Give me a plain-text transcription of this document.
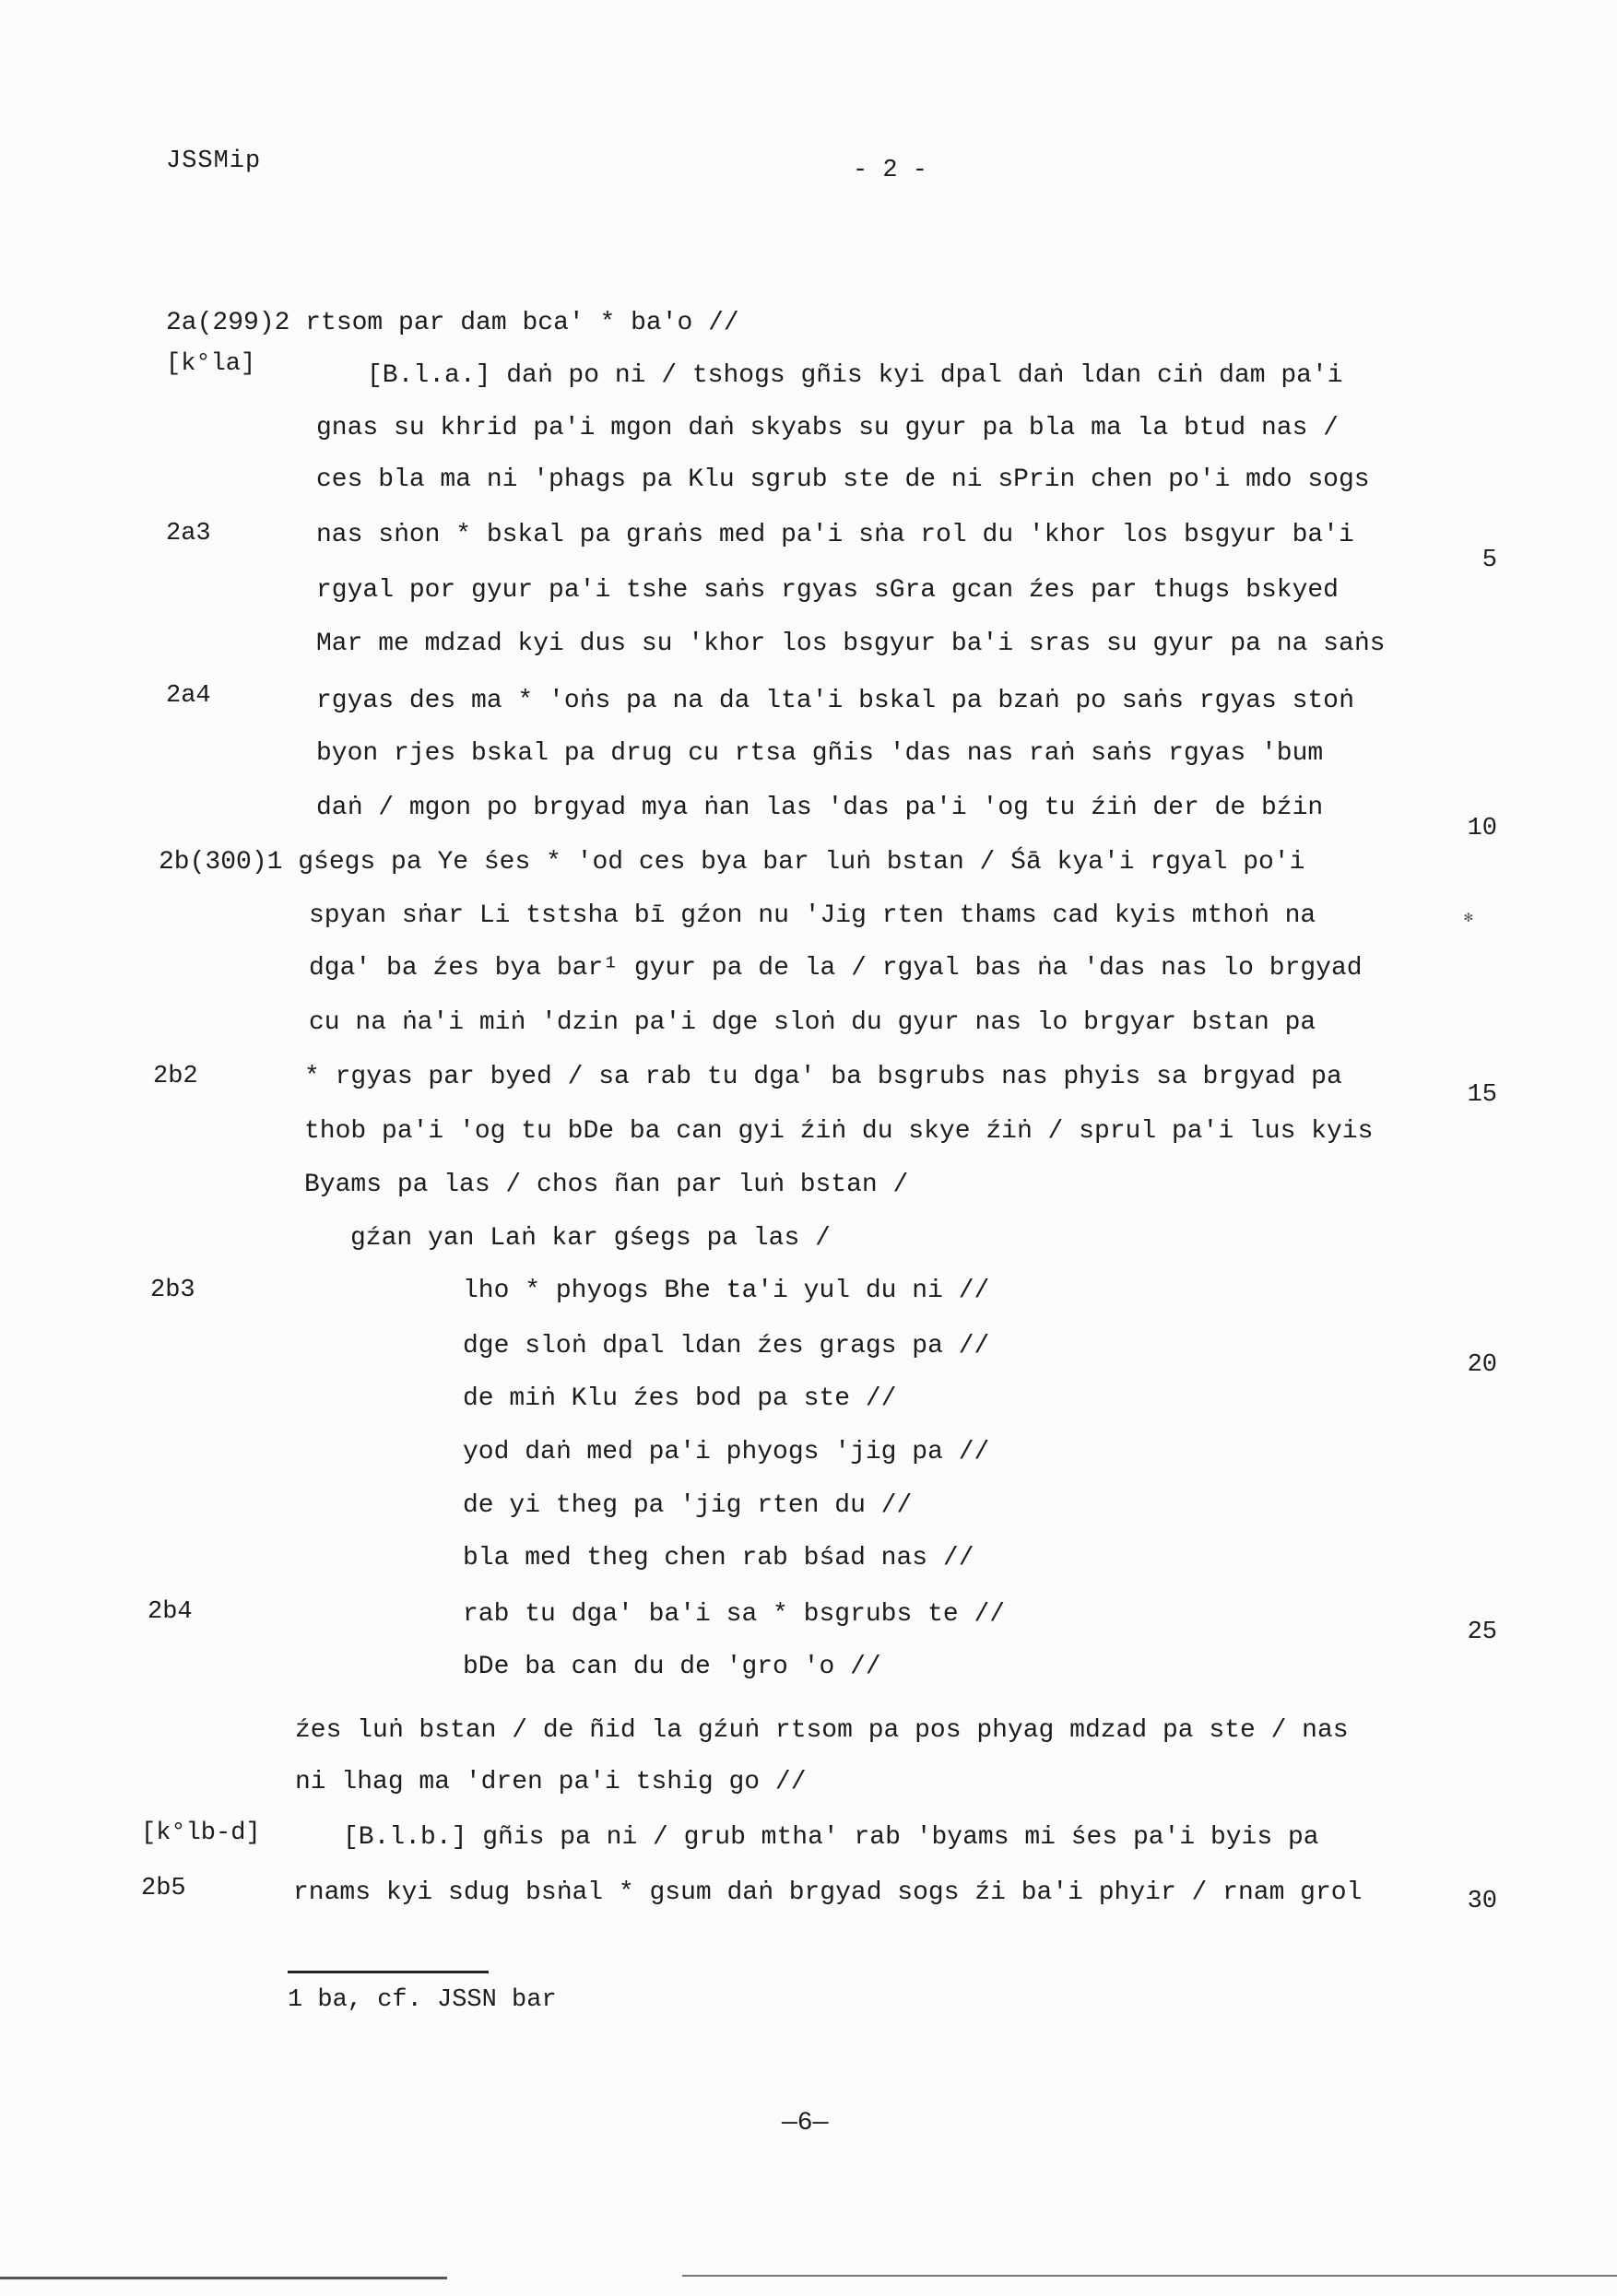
JSSMip	- 2 -
2a(299)2 rtsom par dam bca' * ba'o //
[k°la]	[B.l.a.] daṅ po ni / tshogs gñis kyi dpal daṅ ldan ciṅ dam pa'i
gnas su khrid pa'i mgon daṅ skyabs su gyur pa bla ma la btud nas /
ces bla ma ni 'phags pa Klu sgrub ste de ni sPrin chen po'i mdo sogs
2a3	nas sṅon * bskal pa graṅs med pa'i sṅa rol du 'khor los bsgyur ba'i
5
rgyal por gyur pa'i tshe saṅs rgyas sGra gcan źes par thugs bskyed
Mar me mdzad kyi dus su 'khor los bsgyur ba'i sras su gyur pa na saṅs
2a4	rgyas des ma * 'oṅs pa na da lta'i bskal pa bzaṅ po saṅs rgyas stoṅ
byon rjes bskal pa drug cu rtsa gñis 'das nas raṅ saṅs rgyas 'bum
daṅ / mgon po brgyad mya ṅan las 'das pa'i 'og tu źiṅ der de bźin
10
2b(300)1 gśegs pa Ye śes * 'od ces bya bar luṅ bstan / Śā kya'i rgyal po'i
spyan sṅar Li tstsha bī gźon nu 'Jig rten thams cad kyis mthoṅ na
dga' ba źes bya bar¹ gyur pa de la / rgyal bas ṅa 'das nas lo brgyad
cu na ṅa'i miṅ 'dzin pa'i dge sloṅ du gyur nas lo brgyar bstan pa
2b2	* rgyas par byed / sa rab tu dga' ba bsgrubs nas phyis sa brgyad pa
15
thob pa'i 'og tu bDe ba can gyi źiṅ du skye źiṅ / sprul pa'i lus kyis
Byams pa las / chos ñan par luṅ bstan /
gźan yan Laṅ kar gśegs pa las /
2b3	lho * phyogs Bhe ta'i yul du ni //
dge sloṅ dpal ldan źes grags pa //
20
de miṅ Klu źes bod pa ste //
yod daṅ med pa'i phyogs 'jig pa //
de yi theg pa 'jig rten du //
bla med theg chen rab bśad nas //
2b4	rab tu dga' ba'i sa * bsgrubs te //
25
bDe ba can du de 'gro 'o //
źes luṅ bstan / de ñid la gźuṅ rtsom pa pos phyag mdzad pa ste / nas
ni lhag ma 'dren pa'i tshig go //
[k°lb-d]	[B.l.b.] gñis pa ni / grub mtha' rab 'byams mi śes pa'i byis pa
2b5	rnams kyi sdug bsṅal * gsum daṅ brgyad sogs źi ba'i phyir / rnam grol	30
✻
1 ba, cf. JSSN bar
—6—
